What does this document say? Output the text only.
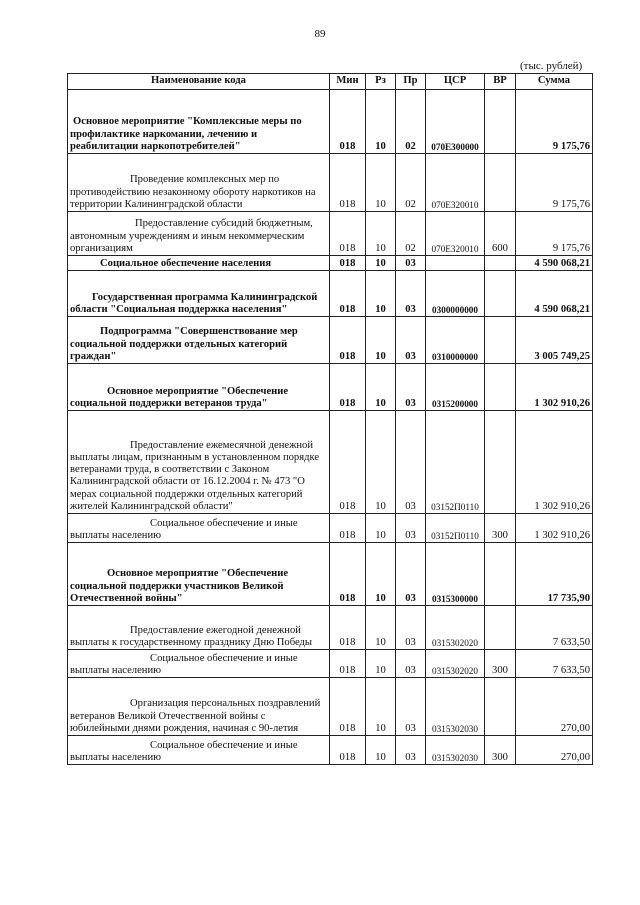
89
(тыс. рублей)
Наименование кода	Мин	Рз	Пр	ЦСР	ВР	Сумма

Основное мероприятие "Комплексные меры по профилактике наркомании, лечению и реабилитации наркопотребителей"	018	10	02	070Е300000		9 175,76

Проведение комплексных мер по противодействию незаконному обороту наркотиков на территории Калининградской области	018	10	02	070Е320010		9 175,76

Предоставление субсидий бюджетным, автономным учреждениям и иным некоммерческим организациям	018	10	02	070Е320010	600	9 175,76

Социальное обеспечение населения	018	10	03			4 590 068,21

Государственная программа Калининградской области "Социальная поддержка населения"	018	10	03	0300000000		4 590 068,21

Подпрограмма "Совершенствование мер социальной поддержки отдельных категорий граждан"	018	10	03	0310000000		3 005 749,25

Основное мероприятие "Обеспечение социальной поддержки ветеранов труда"	018	10	03	0315200000		1 302 910,26

Предоставление ежемесячной денежной выплаты лицам, признанным в установленном порядке ветеранами труда, в соответствии с Законом Калининградской области от 16.12.2004 г. № 473 "О мерах социальной поддержки отдельных категорий жителей Калининградской области"	018	10	03	03152П0110		1 302 910,26

Социальное обеспечение и иные выплаты населению	018	10	03	03152П0110	300	1 302 910,26

Основное мероприятие "Обеспечение социальной поддержки участников Великой Отечественной войны"	018	10	03	0315300000		17 735,90

Предоставление ежегодной денежной выплаты к государственному празднику Дню Победы	018	10	03	0315302020		7 633,50

Социальное обеспечение и иные выплаты населению	018	10	03	0315302020	300	7 633,50

Организация персональных поздравлений ветеранов Великой Отечественной войны с юбилейными днями рождения, начиная с 90-летия	018	10	03	0315302030		270,00

Социальное обеспечение и иные выплаты населению	018	10	03	0315302030	300	270,00
